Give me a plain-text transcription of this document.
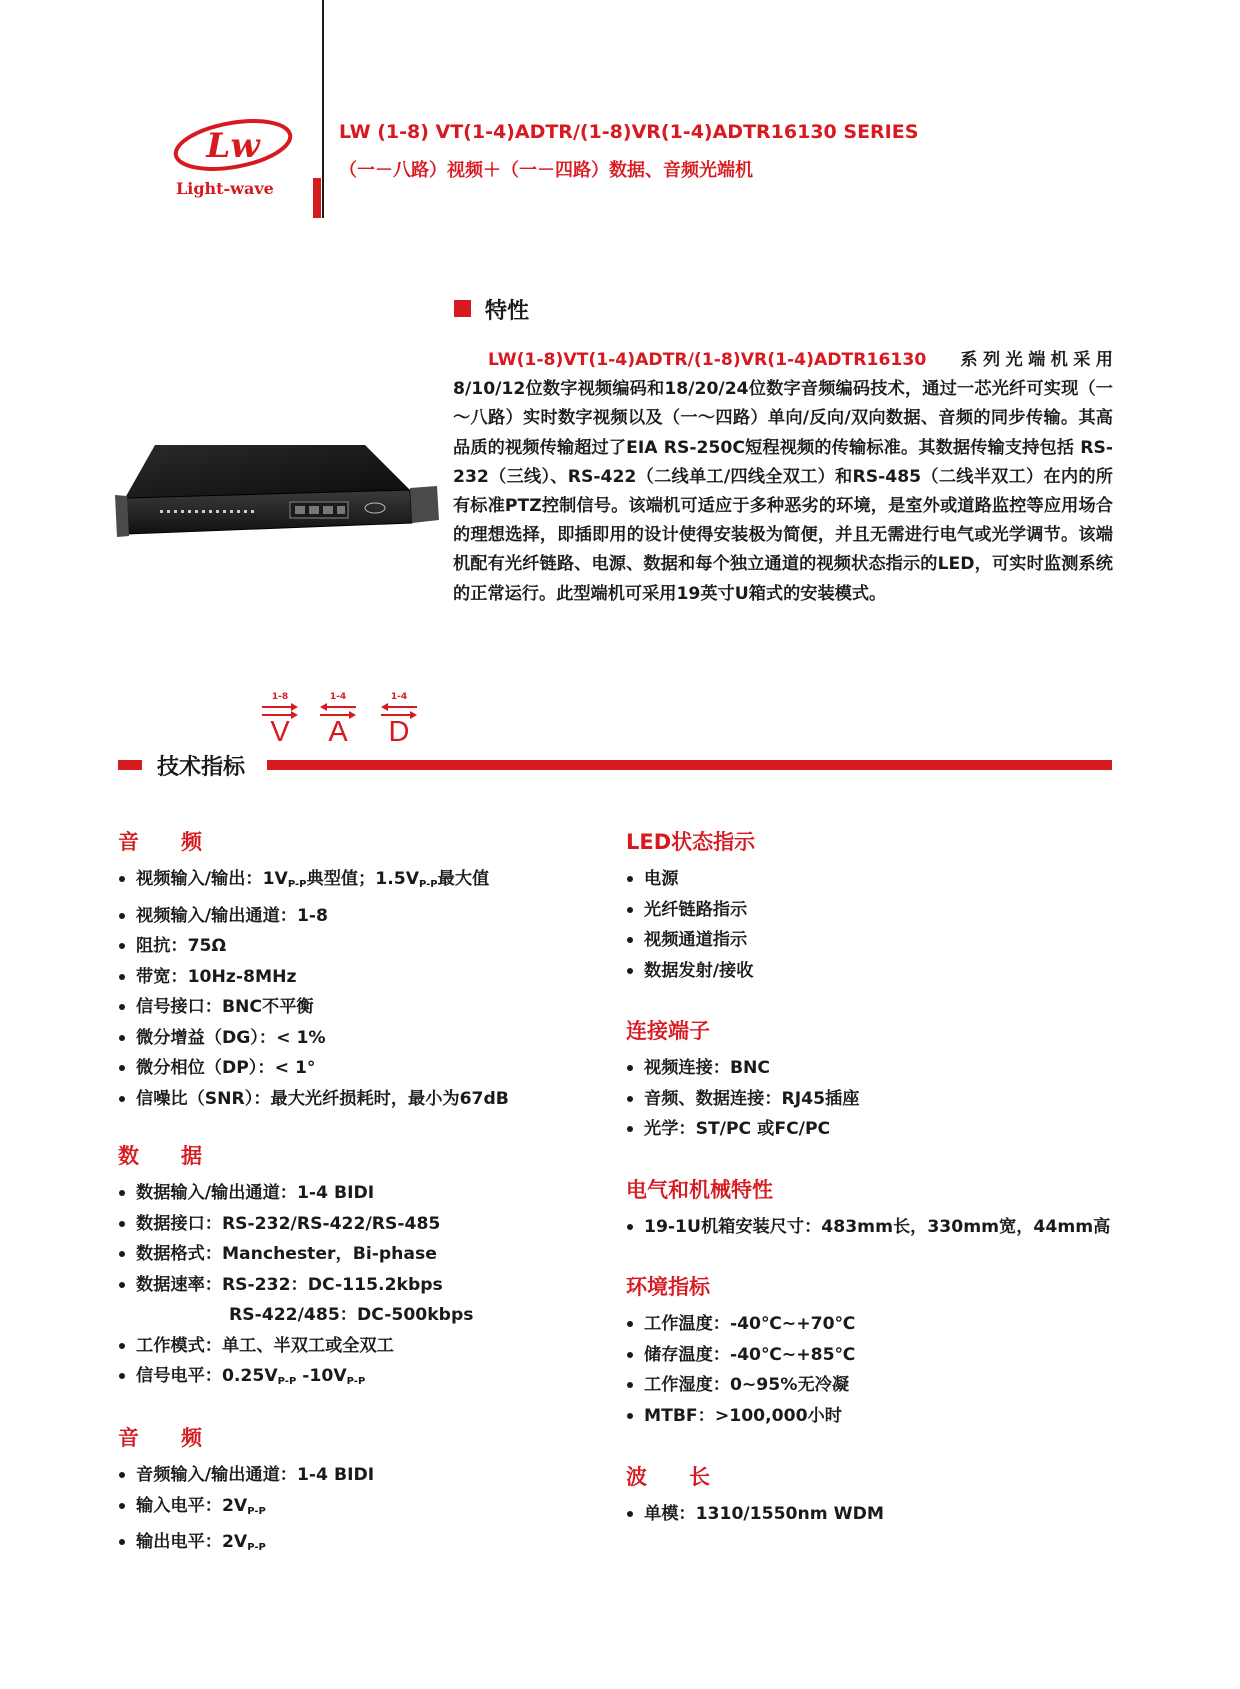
Lw
Light-wave
LW (1-8) VT(1-4)ADTR/(1-8)VR(1-4)ADTR16130 SERIES
（一－八路）视频＋（一－四路）数据、音频光端机
特性
LW(1-8)VT(1-4)ADTR/(1-8)VR(1-4)ADTR16130 系列光端机采用8/10/12位数字视频编码和18/20/24位数字音频编码技术，通过一芯光纤可实现（一～八路）实时数字视频以及（一～四路）单向/反向/双向数据、音频的同步传输。其高品质的视频传输超过了EIA RS-250C短程视频的传输标准。其数据传输支持包括 RS-232（三线）、RS-422（二线单工/四线全双工）和RS-485（二线半双工）在内的所有标准PTZ控制信号。该端机可适应于多种恶劣的环境，是室外或道路监控等应用场合的理想选择，即插即用的设计使得安装极为简便，并且无需进行电气或光学调节。该端机配有光纤链路、电源、数据和每个独立通道的视频状态指示的LED，可实时监测系统的正常运行。此型端机可采用19英寸U箱式的安装模式。
1-8
V
1-4
A
1-4
D
技术指标
音　　频
视频输入/输出：$1V_{P-P}$典型值；$1.5V_{P-P}$最大值
视频输入/输出通道：1-8
阻抗：75Ω
带宽：10Hz-8MHz
信号接口：BNC不平衡
微分增益（DG）：< 1%
微分相位（DP）：< 1°
信噪比（SNR）：最大光纤损耗时，最小为67dB
数　　据
数据输入/输出通道：1-4 BIDI
数据接口：RS-232/RS-422/RS-485
数据格式：Manchester，Bi-phase
数据速率：RS-232：DC-115.2kbps
RS-422/485：DC-500kbps
工作模式：单工、半双工或全双工
信号电平：$0.25V_{P-P}$ $-10V_{P-P}$
音　　频
音频输入/输出通道：1-4 BIDI
输入电平：$2V_{P-P}$
输出电平：$2V_{P-P}$
LED状态指示
电源
光纤链路指示
视频通道指示
数据发射/接收
连接端子
视频连接：BNC
音频、数据连接：RJ45插座
光学：ST/PC 或FC/PC
电气和机械特性
19-1U机箱安装尺寸：483mm长，330mm宽，44mm高
环境指标
工作温度：-40℃~+70℃
储存温度：-40℃~+85℃
工作湿度：0~95%无冷凝
MTBF：>100,000小时
波　　长
单模：1310/1550nm WDM
